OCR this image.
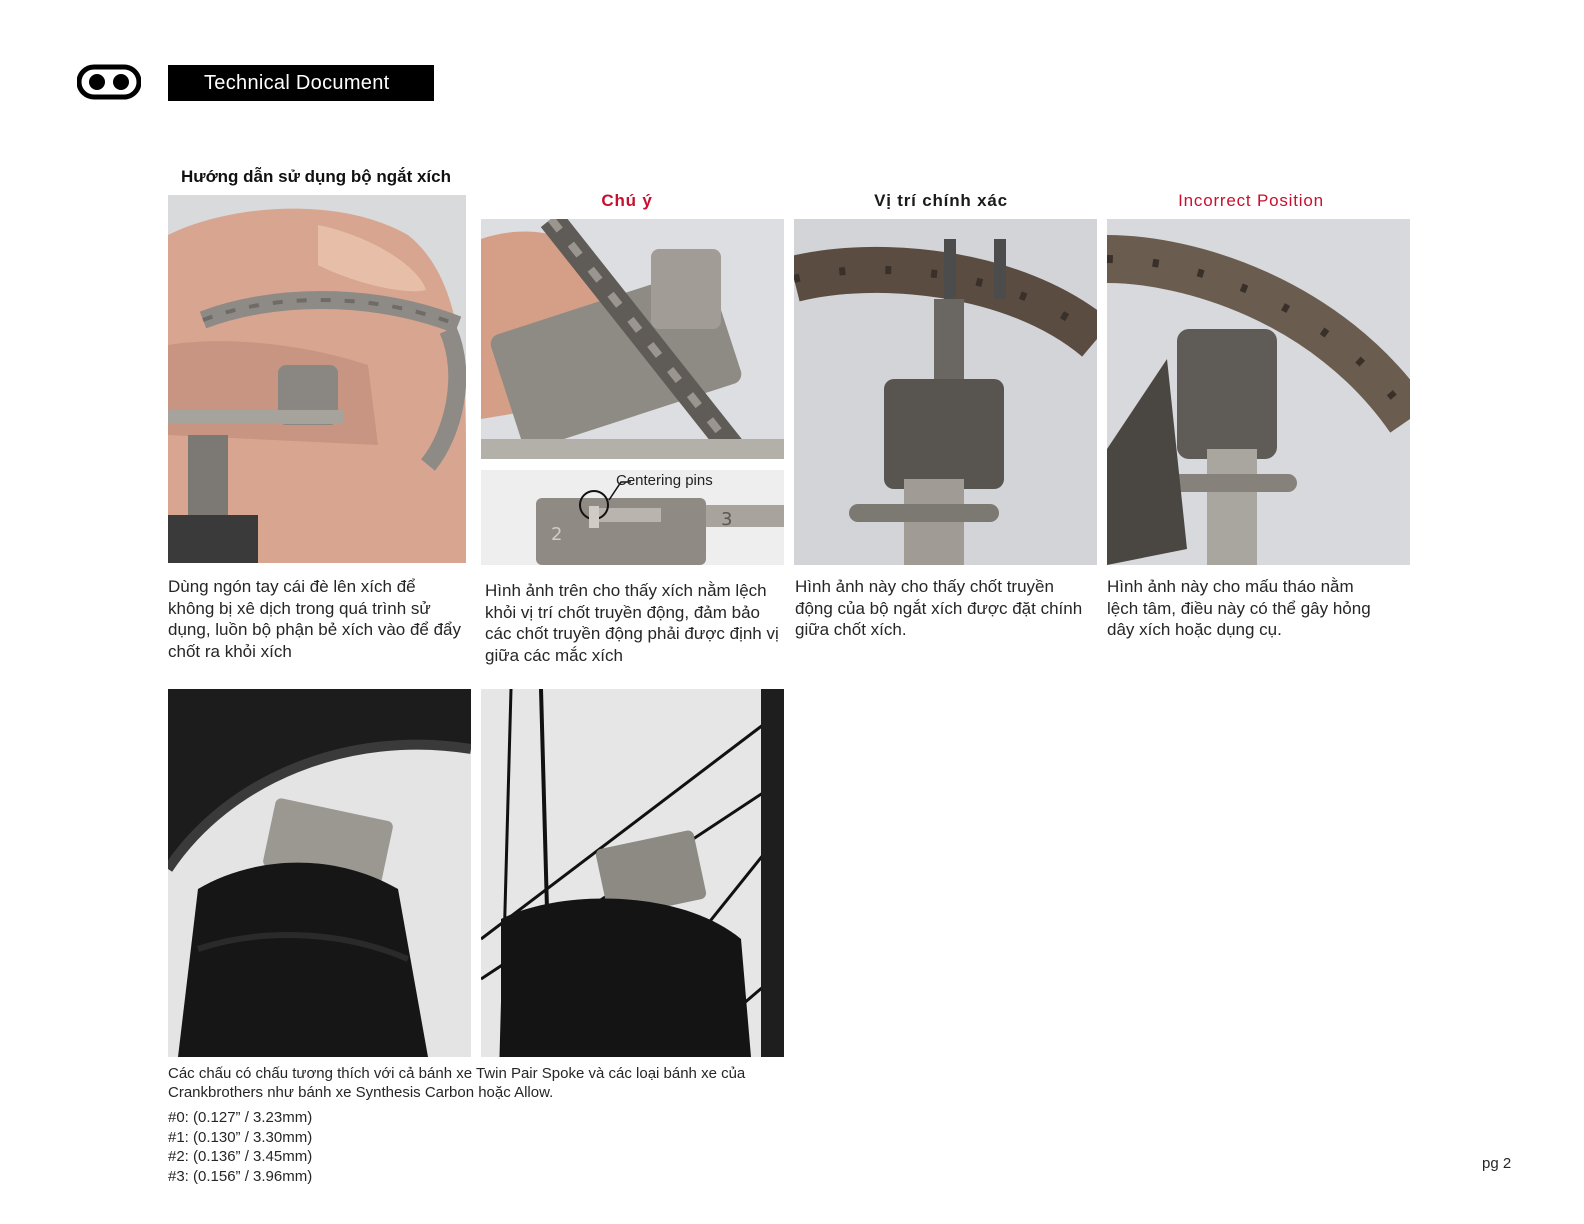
Technical Document
Hướng dẫn sử dụng bộ ngắt xích
Chú ý	Vị trí chính xác	Incorrect Position
2
3
Centering pins
Dùng ngón tay cái đè lên xích để không bị xê dịch trong quá trình sử dụng, luồn bộ phận bẻ xích vào để đẩy chốt ra khỏi xích
Hình ảnh trên cho thấy xích nằm lệch khỏi vị trí chốt truyền động, đảm bảo các chốt truyền động phải được định vị giữa các mắc xích
Hình ảnh này cho thấy chốt truyền động của bộ ngắt xích được đặt chính giữa chốt xích.
Hình ảnh này cho mấu tháo nằm lệch tâm, điều này có thể gây hỏng dây xích hoặc dụng cụ.
Các chấu có chấu tương thích với cả bánh xe Twin Pair Spoke và các loại bánh xe của Crankbrothers như bánh xe Synthesis Carbon hoặc Allow.
#0: (0.127” / 3.23mm)
#1: (0.130” / 3.30mm)
#2: (0.136” / 3.45mm)
#3: (0.156” / 3.96mm)
pg 2
